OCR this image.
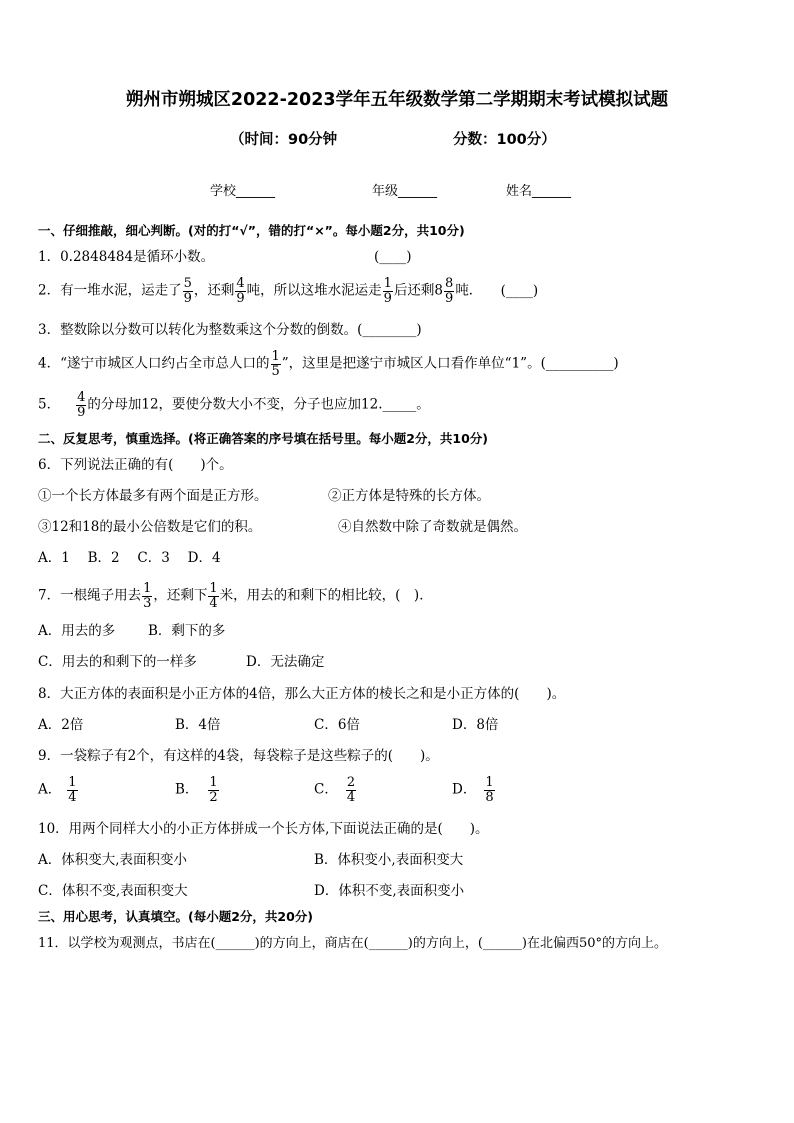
朔州市朔城区2022-2023学年五年级数学第二学期期末考试模拟试题
（时间：90分钟	分数：100分）
学校______	年级______	姓名______
一、仔细推敲，细心判断。(对的打“√”，错的打“×”。每小题2分，共10分)
1．0.2848484是循环小数。	(____)
2．有一堆水泥，运走了 $\frac{5}{9}$ ，还剩 $\frac{4}{9}$ 吨，所以这堆水泥运走 $\frac{1}{9}$ 后还剩$8 \frac{8}{9}$ 吨． (____)
3．整数除以分数可以转化为整数乘这个分数的倒数。(________)
4．“遂宁市城区人口约占全市总人口的 $\frac{1}{5}$ ”，这里是把遂宁市城区人口看作单位“1”。(__________)
5． $\frac{4}{9}$ 的分母加12，要使分数大小不变，分子也应加12._____。
二、反复思考，慎重选择。(将正确答案的序号填在括号里。每小题2分，共10分)
6．下列说法正确的有(　　)个。
①一个长方体最多有两个面是正方形。	②正方体是特殊的长方体。
③12和18的最小公倍数是它们的积。	④自然数中除了奇数就是偶然。
A．1　 B．2　 C．3　 D．4
7．一根绳子用去 $\frac{1}{3}$ ，还剩下 $\frac{1}{4}$ 米，用去的和剩下的相比较，(　)．
A．用去的多 B．剩下的多
C．用去的和剩下的一样多	D．无法确定
8．大正方体的表面积是小正方体的4倍，那么大正方体的棱长之和是小正方体的(　　)。
A．2倍	B．4倍	C．6倍	D．8倍
9．一袋粽子有2个，有这样的4袋，每袋粽子是这些粽子的(　　)。
A． $\frac{1}{4}$	B． $\frac{1}{2}$	C． $\frac{2}{4}$	D． $\frac{1}{8}$
10．用两个同样大小的小正方体拼成一个长方体,下面说法正确的是(　　)。
A．体积变大,表面积变小	B．体积变小,表面积变大
C．体积不变,表面积变大	D．体积不变,表面积变小
三、用心思考，认真填空。(每小题2分，共20分)
11．以学校为观测点，书店在(______)的方向上，商店在(______)的方向上，(______)在北偏西50°的方向上。
